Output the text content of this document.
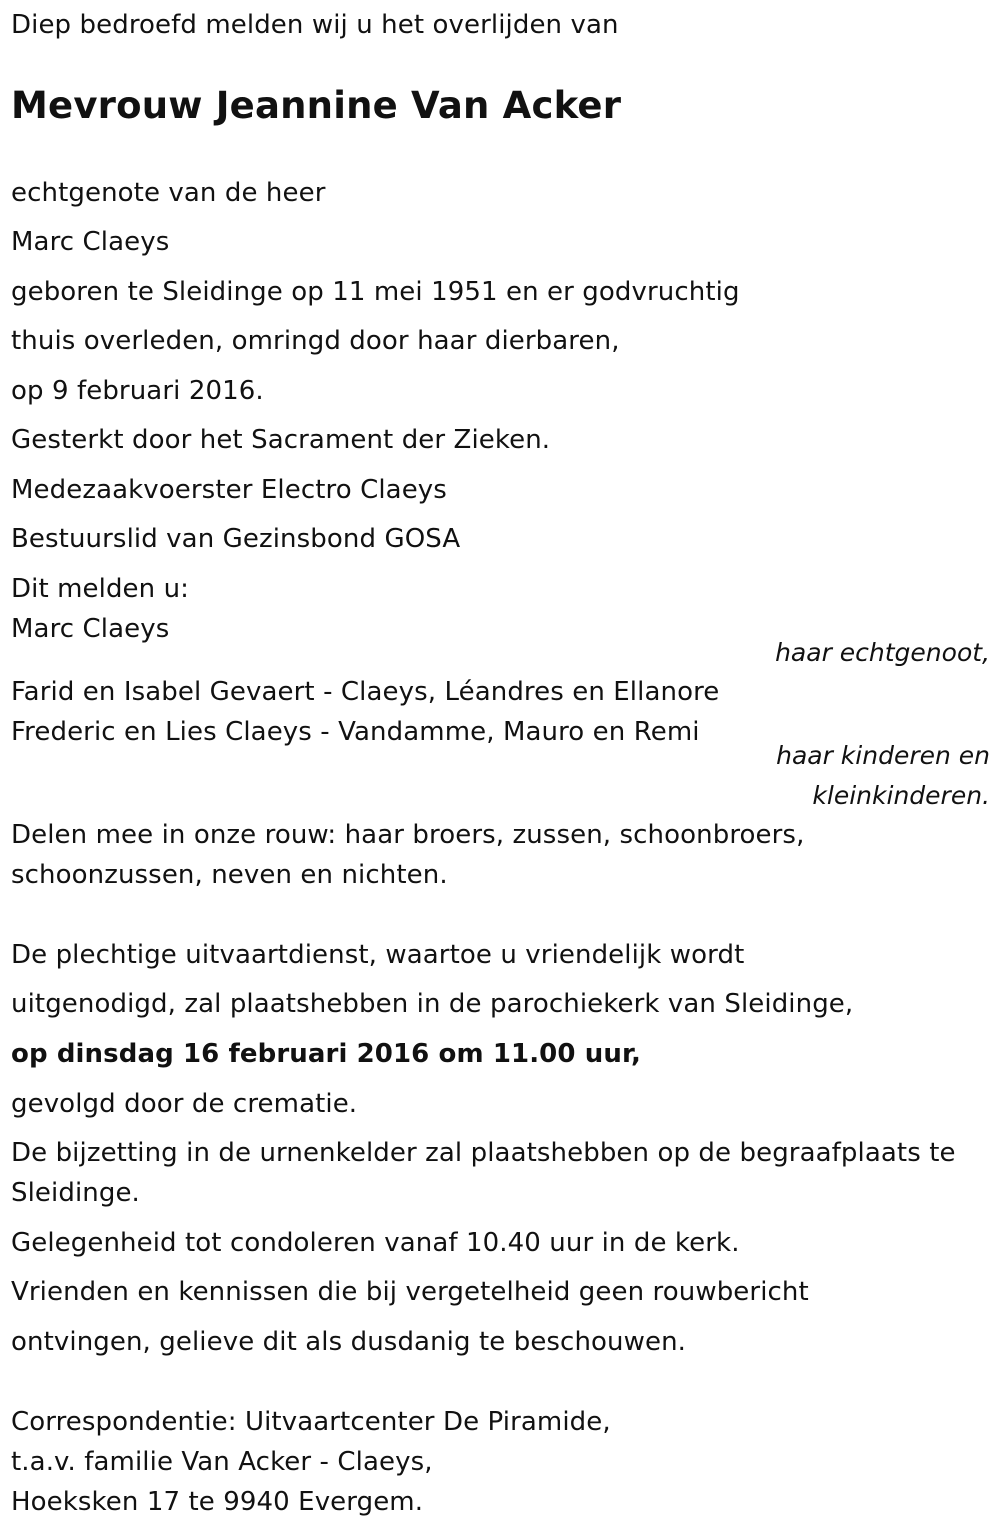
Diep bedroefd melden wij u het overlijden van
Mevrouw Jeannine Van Acker
echtgenote van de heer
Marc Claeys
geboren te Sleidinge op 11 mei 1951 en er godvruchtig
thuis overleden, omringd door haar dierbaren,
op 9 februari 2016.
Gesterkt door het Sacrament der Zieken.
Medezaakvoerster Electro Claeys
Bestuurslid van Gezinsbond GOSA
Dit melden u:
Marc Claeys
haar echtgenoot,
Farid en Isabel Gevaert - Claeys, Léandres en Ellanore
Frederic en Lies Claeys - Vandamme, Mauro en Remi
haar kinderen en
kleinkinderen.
Delen mee in onze rouw: haar broers, zussen, schoonbroers,
schoonzussen, neven en nichten.
De plechtige uitvaartdienst, waartoe u vriendelijk wordt
uitgenodigd, zal plaatshebben in de parochiekerk van Sleidinge,
op dinsdag 16 februari 2016 om 11.00 uur,
gevolgd door de crematie.
De bijzetting in de urnenkelder zal plaatshebben op de begraafplaats te
Sleidinge.
Gelegenheid tot condoleren vanaf 10.40 uur in de kerk.
Vrienden en kennissen die bij vergetelheid geen rouwbericht
ontvingen, gelieve dit als dusdanig te beschouwen.
Correspondentie: Uitvaartcenter De Piramide,
t.a.v. familie Van Acker - Claeys,
Hoeksken 17 te 9940 Evergem.
